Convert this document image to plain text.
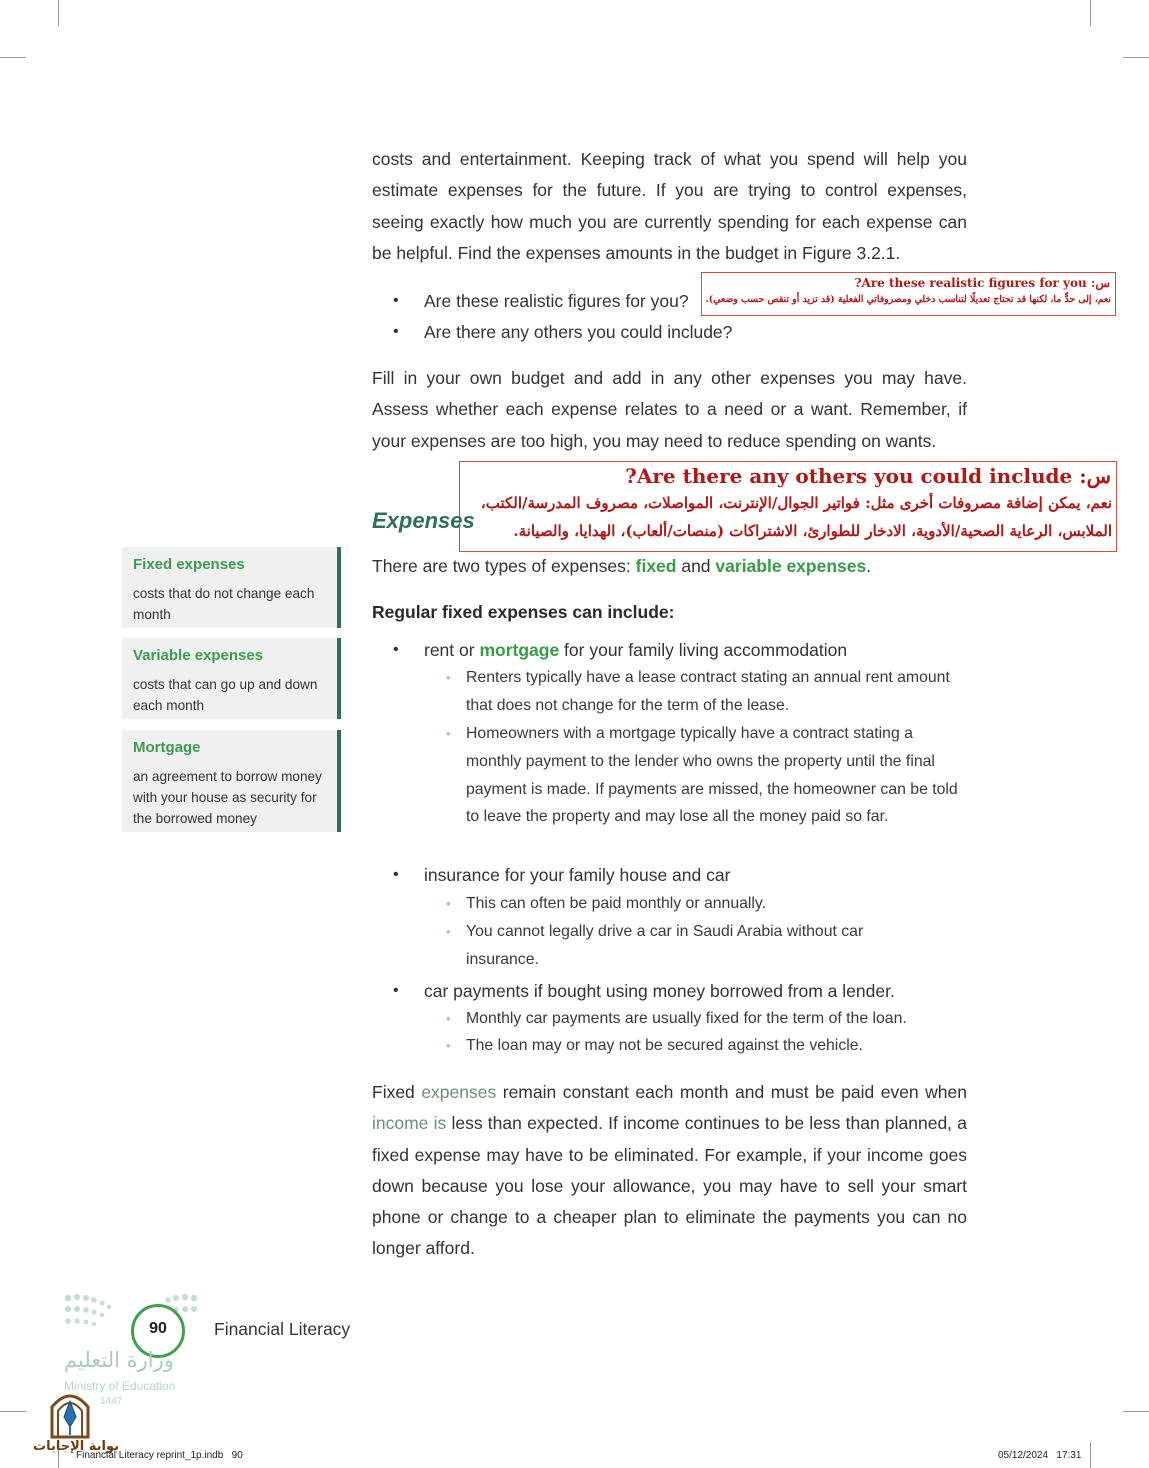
costs and entertainment. Keeping track of what you spend will help you estimate expenses for the future. If you are trying to control expenses, seeing exactly how much you are currently spending for each expense can be helpful. Find the expenses amounts in the budget in Figure 3.2.1.
• Are these realistic figures for you?
• Are there any others you could include?
س: Are these realistic figures for you?
نعم، إلى حدٍّ ما، لكنها قد تحتاج تعديلًا لتناسب دخلي ومصروفاتي الفعلية (قد تزيد أو تنقص حسب وضعي).
Fill in your own budget and add in any other expenses you may have. Assess whether each expense relates to a need or a want. Remember, if your expenses are too high, you may need to reduce spending on wants.
س: Are there any others you could include?
نعم، يمكن إضافة مصروفات أخرى مثل: فواتير الجوال/الإنترنت، المواصلات، مصروف المدرسة/الكتب،
الملابس، الرعاية الصحية/الأدوية، الادخار للطوارئ، الاشتراكات (منصات/ألعاب)، الهدايا، والصيانة.
Expenses
There are two types of expenses: fixed and variable expenses.
Regular fixed expenses can include:
• rent or mortgage for your family living accommodation
• Renters typically have a lease contract stating an annual rent amount that does not change for the term of the lease.
• Homeowners with a mortgage typically have a contract stating a monthly payment to the lender who owns the property until the final payment is made. If payments are missed, the homeowner can be told to leave the property and may lose all the money paid so far.
• insurance for your family house and car
• This can often be paid monthly or annually.
• You cannot legally drive a car in Saudi Arabia without car insurance.
• car payments if bought using money borrowed from a lender.
• Monthly car payments are usually fixed for the term of the loan.
• The loan may or may not be secured against the vehicle.
Fixed expenses remain constant each month and must be paid even when income is less than expected. If income continues to be less than planned, a fixed expense may have to be eliminated. For example, if your income goes down because you lose your allowance, you may have to sell your smart phone or change to a cheaper plan to eliminate the payments you can no longer afford.
Fixed expenses
costs that do not change each month
Variable expenses
costs that can go up and down each month
Mortgage
an agreement to borrow money with your house as security for the borrowed money
90	Financial Literacy
وزارة التعليم
Ministry of Education
1447
بوابة الإجابات
Financial Literacy reprint_1p.indb   90	05/12/2024   17:31
